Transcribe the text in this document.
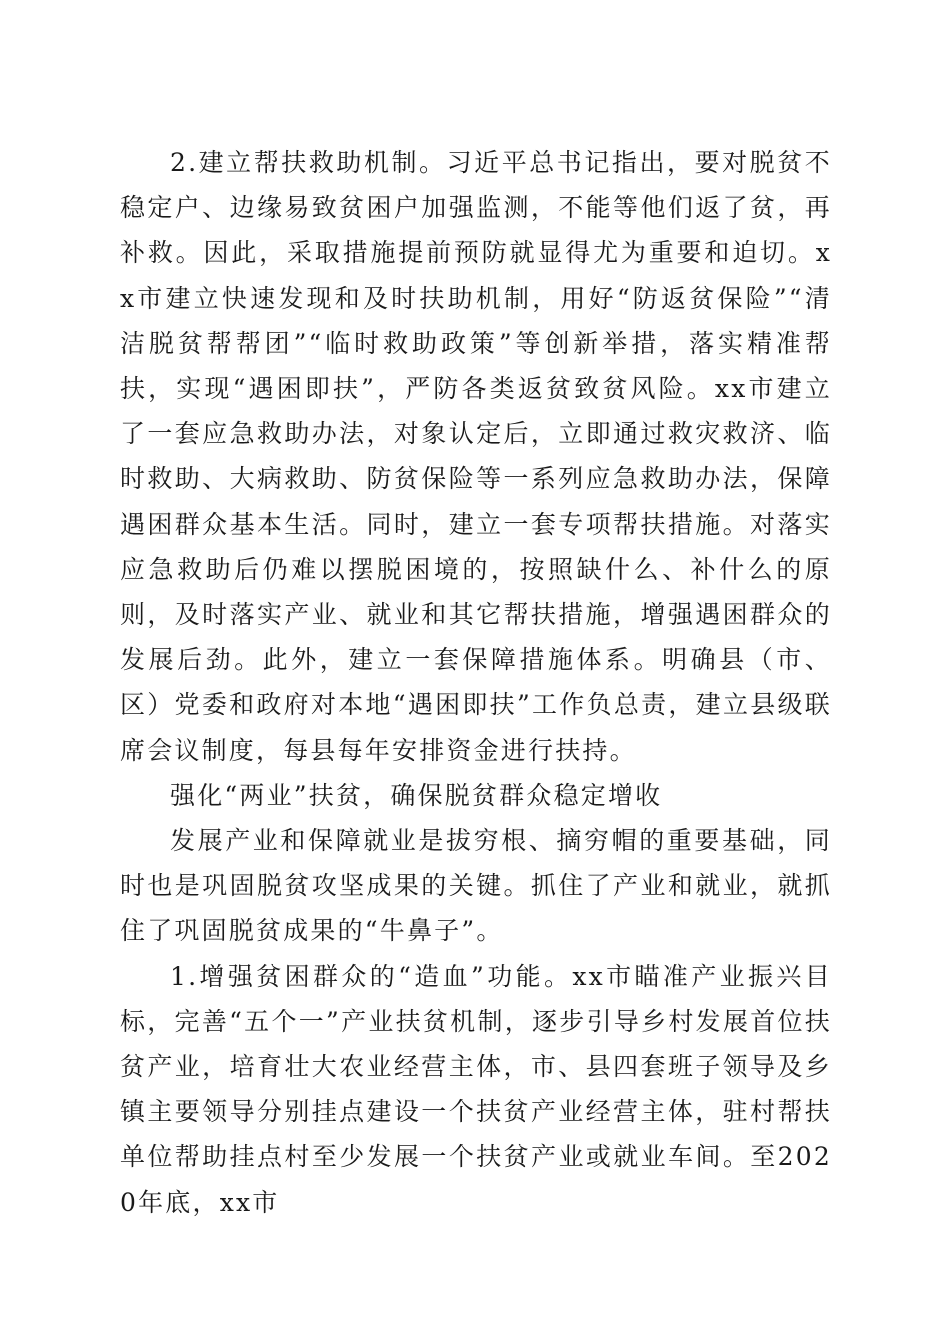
2.建立帮扶救助机制。习近平总书记指出，要对脱贫不稳定户、边缘易致贫困户加强监测，不能等他们返了贫，再补救。因此，采取措施提前预防就显得尤为重要和迫切。xx市建立快速发现和及时扶助机制，用好“防返贫保险”“清洁脱贫帮帮团”“临时救助政策”等创新举措，落实精准帮扶，实现“遇困即扶”，严防各类返贫致贫风险。xx市建立了一套应急救助办法，对象认定后，立即通过救灾救济、临时救助、大病救助、防贫保险等一系列应急救助办法，保障遇困群众基本生活。同时，建立一套专项帮扶措施。对落实应急救助后仍难以摆脱困境的，按照缺什么、补什么的原则，及时落实产业、就业和其它帮扶措施，增强遇困群众的发展后劲。此外，建立一套保障措施体系。明确县（市、区）党委和政府对本地“遇困即扶”工作负总责，建立县级联席会议制度，每县每年安排资金进行扶持。

强化“两业”扶贫，确保脱贫群众稳定增收

发展产业和保障就业是拔穷根、摘穷帽的重要基础，同时也是巩固脱贫攻坚成果的关键。抓住了产业和就业，就抓住了巩固脱贫成果的“牛鼻子”。

1.增强贫困群众的“造血”功能。xx市瞄准产业振兴目标，完善“五个一”产业扶贫机制，逐步引导乡村发展首位扶贫产业，培育壮大农业经营主体，市、县四套班子领导及乡镇主要领导分别挂点建设一个扶贫产业经营主体，驻村帮扶单位帮助挂点村至少发展一个扶贫产业或就业车间。至2020年底，xx市
